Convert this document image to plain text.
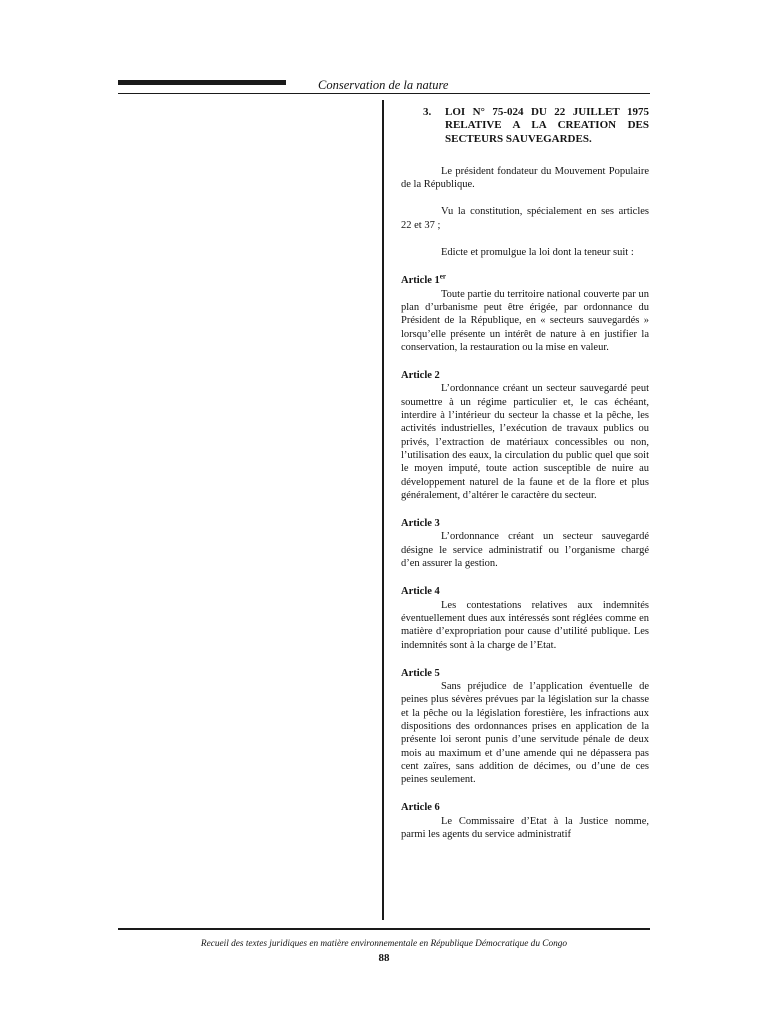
Conservation de la nature
3.	LOI N° 75-024 DU 22 JUILLET 1975 RELATIVE A LA CREATION DES SECTEURS SAUVEGARDES.

Le président fondateur du Mouvement Populaire de la République.

Vu la constitution, spécialement en ses articles 22 et 37 ;

Edicte et promulgue la loi dont la teneur suit :

Article 1er

Toute partie du territoire national couverte par un plan d’urbanisme peut être érigée, par ordonnance du Président de la République, en « secteurs sauvegardés » lorsqu’elle présente un intérêt de nature à en justifier la conservation, la restauration ou la mise en valeur.

Article 2

L’ordonnance créant un secteur sauvegardé peut soumettre à un régime particulier et, le cas échéant, interdire à l’intérieur du secteur la chasse et la pêche, les activités industrielles, l’exécution de travaux publics ou privés, l’extraction de matériaux concessibles ou non, l’utilisation des eaux, la circulation du public quel que soit le moyen imputé, toute action susceptible de nuire au développement naturel de la faune et de la flore et plus généralement, d’altérer le caractère du secteur.

Article 3

L’ordonnance créant un secteur sauvegardé désigne le service administratif ou l’organisme chargé d’en assurer la gestion.

Article 4

Les contestations relatives aux indemnités éventuellement dues aux intéressés sont réglées comme en matière d’expropriation pour cause d’utilité publique. Les indemnités sont à la charge de l’Etat.

Article 5

Sans préjudice de l’application éventuelle de peines plus sévères prévues par la législation sur la chasse et la pêche ou la législation forestière, les infractions aux dispositions des ordonnances prises en application de la présente loi seront punis d’une servitude pénale de deux mois au maximum et d’une amende qui ne dépassera pas cent zaïres, sans addition de décimes, ou d’une de ces peines seulement.

Article 6

Le Commissaire d’Etat à la Justice nomme, parmi les agents du service administratif

Recueil des textes juridiques en matière environnementale en République Démocratique du Congo
88
